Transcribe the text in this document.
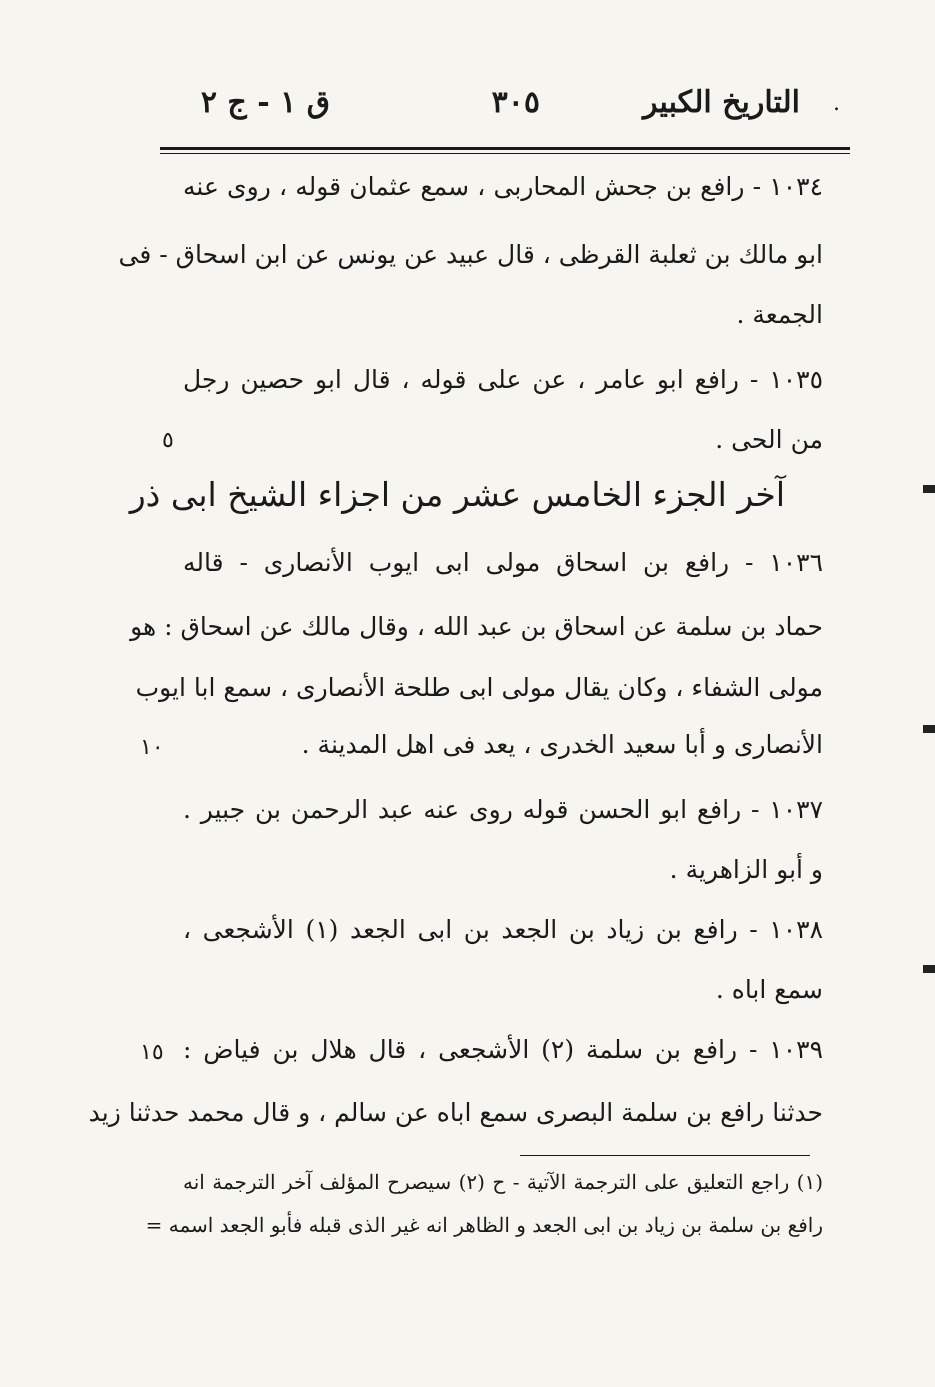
.
التاريخ الكبير
٣٠٥
ق ١ - ج ٢
١٠٣٤ - رافع بن جحش المحاربى ، سمع عثمان قوله ، روى عنه
ابو مالك بن ثعلبة القرظى ، قال عبيد عن يونس عن ابن اسحاق - فى
الجمعة .
١٠٣٥ - رافع ابو عامر ، عن على قوله ، قال ابو حصين رجل
من الحى .
آخر الجزء الخامس عشر من اجزاء الشيخ ابى ذر
١٠٣٦ - رافع بن اسحاق مولى ابى ايوب الأنصارى - قاله
حماد بن سلمة عن اسحاق بن عبد الله ، وقال مالك عن اسحاق : هو
مولى الشفاء ، وكان يقال مولى ابى طلحة الأنصارى ، سمع ابا ايوب
الأنصارى و أبا سعيد الخدرى ، يعد فى اهل المدينة .
١٠٣٧ - رافع ابو الحسن قوله روى عنه عبد الرحمن بن جبير .
و أبو الزاهرية .
١٠٣٨ - رافع بن زياد بن الجعد بن ابى الجعد (١) الأشجعى ،
سمع اباه .
١٠٣٩ - رافع بن سلمة (٢) الأشجعى ، قال هلال بن فياض :
حدثنا رافع بن سلمة البصرى سمع اباه عن سالم ، و قال محمد حدثنا زيد
٥
١٠
١٥
(١) راجع التعليق على الترجمة الآتية - ح (٢) سيصرح المؤلف آخر الترجمة انه
رافع بن سلمة بن زياد بن ابى الجعد و الظاهر انه غير الذى قبله فأبو الجعد اسمه =
